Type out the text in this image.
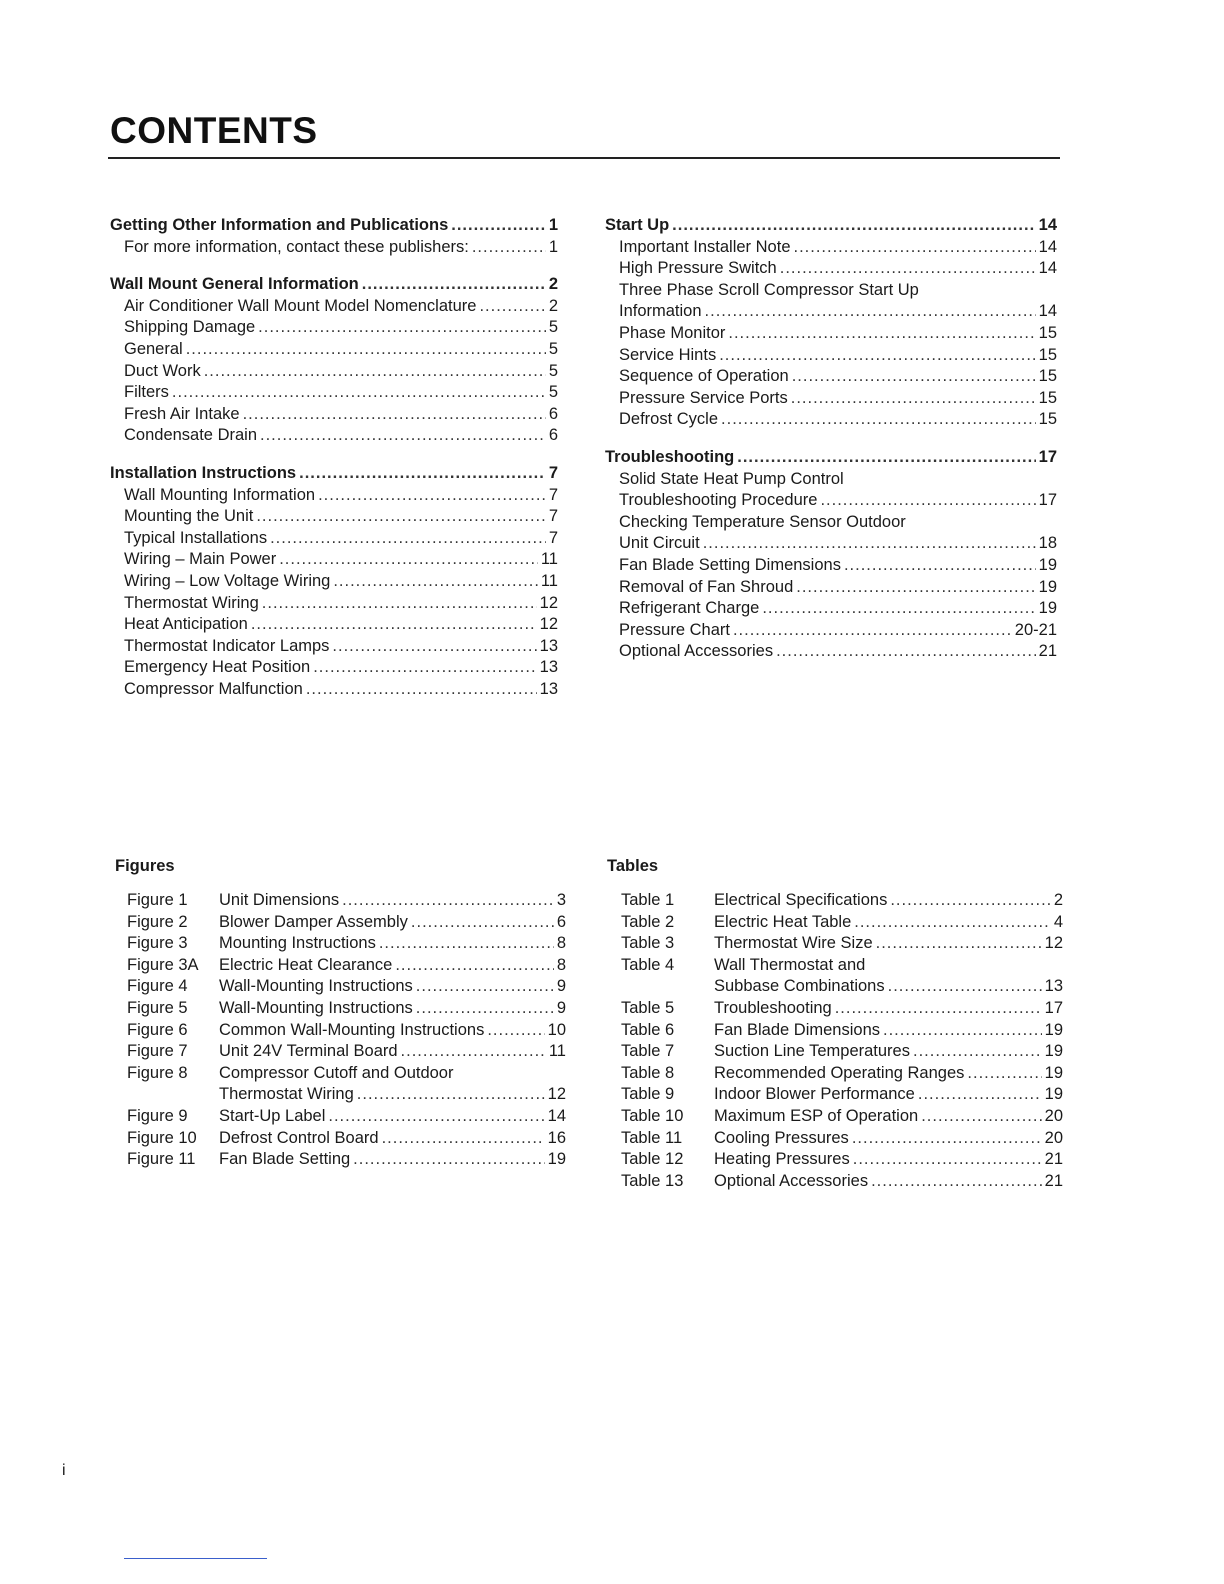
CONTENTS
Getting Other Information and Publications .....	1
For more information, contact these publishers: .....	1
Wall Mount General Information .....	2
Air Conditioner Wall Mount Model Nomenclature .....	2
Shipping Damage .....	5
General .....	5
Duct Work .....	5
Filters .....	5
Fresh Air Intake .....	6
Condensate Drain .....	6
Installation Instructions .....	7
Wall Mounting Information .....	7
Mounting the Unit .....	7
Typical Installations .....	7
Wiring – Main Power .....	11
Wiring – Low Voltage Wiring .....	11
Thermostat Wiring .....	12
Heat Anticipation .....	12
Thermostat Indicator Lamps .....	13
Emergency Heat Position .....	13
Compressor Malfunction .....	13
Start Up .....	14
Important Installer Note .....	14
High Pressure Switch .....	14
Three Phase Scroll Compressor Start Up
Information .....	14
Phase Monitor .....	15
Service Hints .....	15
Sequence of Operation .....	15
Pressure Service Ports .....	15
Defrost Cycle .....	15
Troubleshooting .....	17
Solid State Heat Pump Control
Troubleshooting Procedure .....	17
Checking Temperature Sensor Outdoor
Unit Circuit .....	18
Fan Blade Setting Dimensions .....	19
Removal of Fan Shroud .....	19
Refrigerant Charge .....	19
Pressure Chart .....	20-21
Optional Accessories .....	21
Figures
Figure 1	Unit Dimensions .....	3
Figure 2	Blower Damper Assembly .....	6
Figure 3	Mounting Instructions .....	8
Figure 3A	Electric Heat Clearance .....	8
Figure 4	Wall-Mounting Instructions .....	9
Figure 5	Wall-Mounting Instructions .....	9
Figure 6	Common Wall-Mounting Instructions .....	10
Figure 7	Unit 24V Terminal Board .....	11
Figure 8	Compressor Cutoff and Outdoor
Thermostat Wiring .....	12
Figure 9	Start-Up Label .....	14
Figure 10	Defrost Control Board .....	16
Figure 11	Fan Blade Setting .....	19
Tables
Table 1	Electrical Specifications .....	2
Table 2	Electric Heat Table .....	4
Table 3	Thermostat Wire Size .....	12
Table 4	Wall Thermostat and
Subbase Combinations .....	13
Table 5	Troubleshooting .....	17
Table 6	Fan Blade Dimensions .....	19
Table 7	Suction Line Temperatures .....	19
Table 8	Recommended Operating Ranges .....	19
Table 9	Indoor Blower Performance .....	19
Table 10	Maximum ESP of Operation .....	20
Table 11	Cooling Pressures .....	20
Table 12	Heating Pressures .....	21
Table 13	Optional Accessories .....	21
i
